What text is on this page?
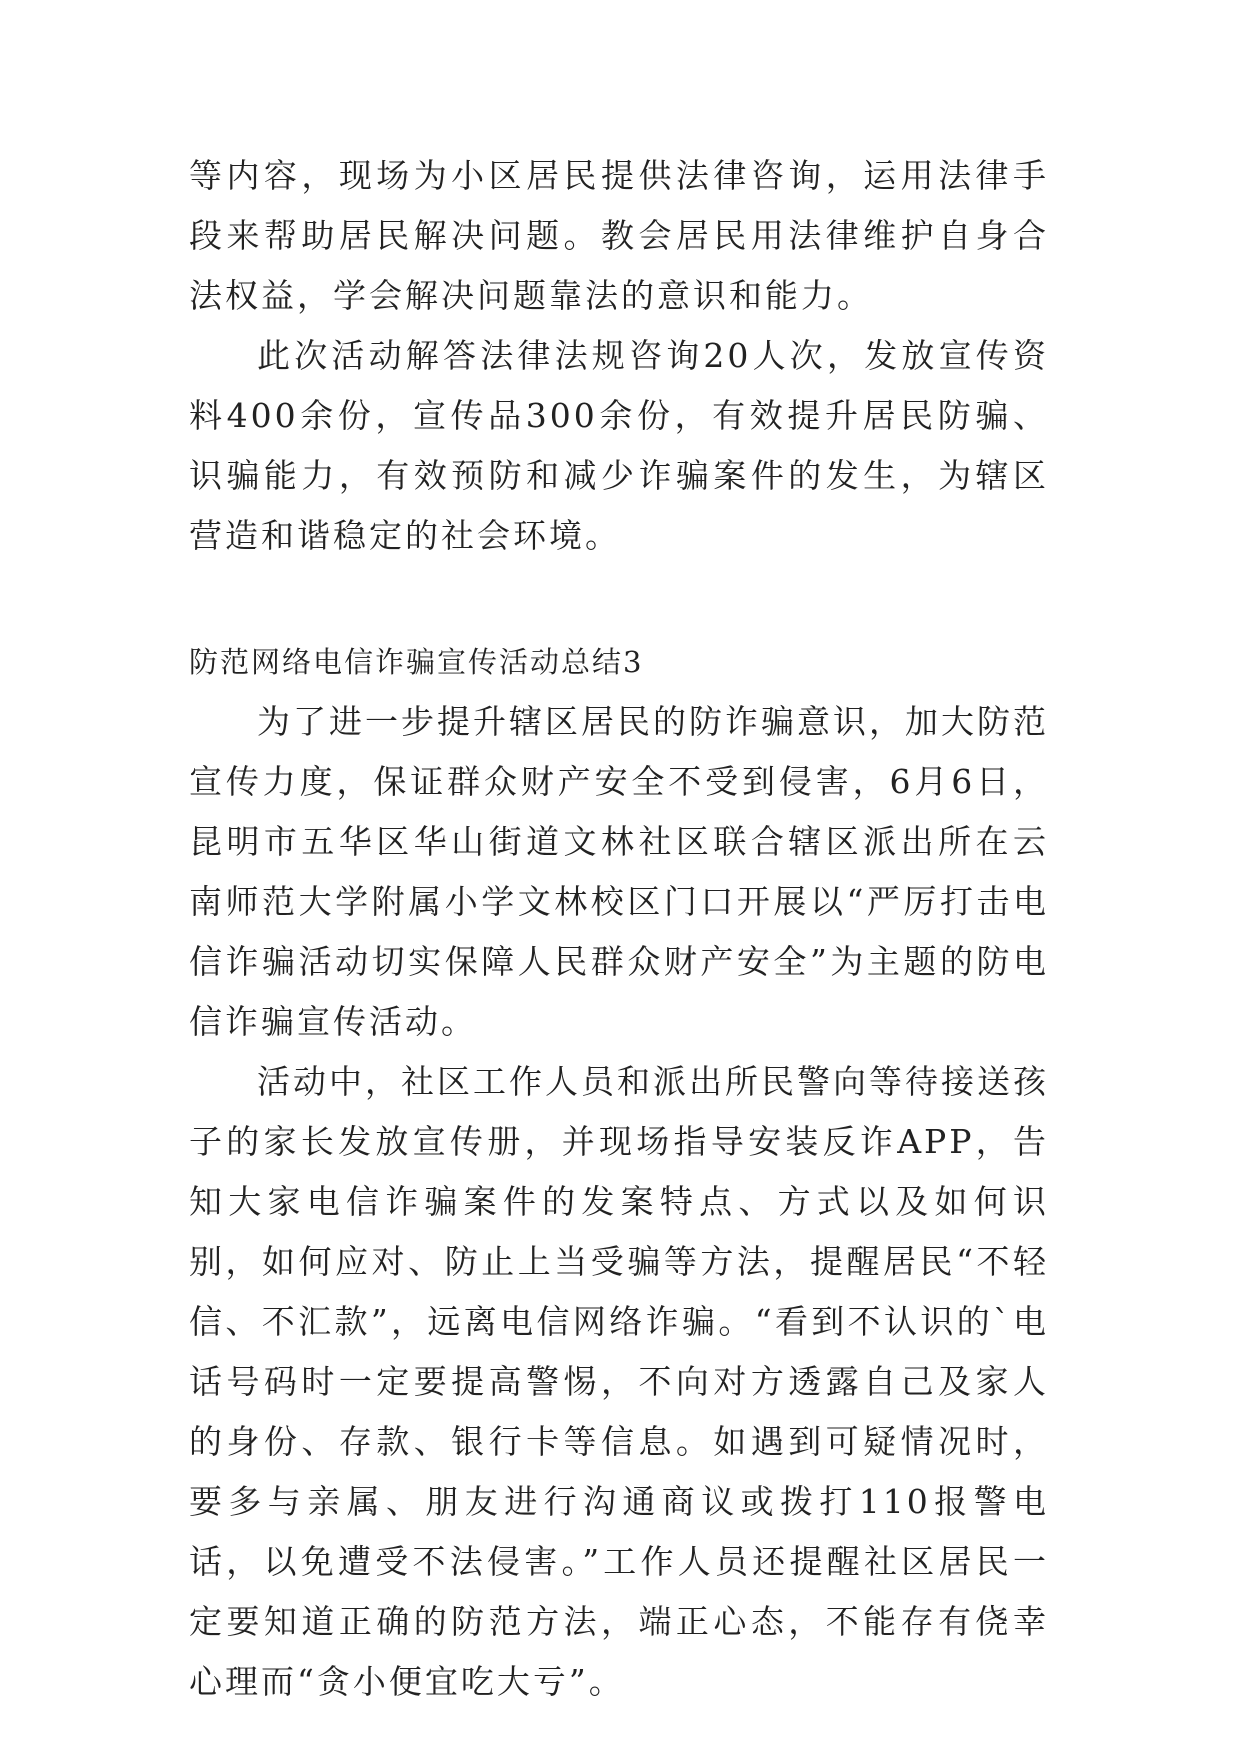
等内容，现场为小区居民提供法律咨询，运用法律手段来帮助居民解决问题。教会居民用法律维护自身合法权益，学会解决问题靠法的意识和能力。

此次活动解答法律法规咨询20人次，发放宣传资料400余份，宣传品300余份，有效提升居民防骗、识骗能力，有效预防和减少诈骗案件的发生，为辖区营造和谐稳定的社会环境。

防范网络电信诈骗宣传活动总结3

为了进一步提升辖区居民的防诈骗意识，加大防范宣传力度，保证群众财产安全不受到侵害，6月6日，昆明市五华区华山街道文林社区联合辖区派出所在云南师范大学附属小学文林校区门口开展以“严厉打击电信诈骗活动切实保障人民群众财产安全”为主题的防电信诈骗宣传活动。

活动中，社区工作人员和派出所民警向等待接送孩子的家长发放宣传册，并现场指导安装反诈APP，告知大家电信诈骗案件的发案特点、方式以及如何识别，如何应对、防止上当受骗等方法，提醒居民“不轻信、不汇款”，远离电信网络诈骗。“看到不认识的`电话号码时一定要提高警惕，不向对方透露自己及家人的身份、存款、银行卡等信息。如遇到可疑情况时，要多与亲属、朋友进行沟通商议或拨打110报警电话，以免遭受不法侵害。”工作人员还提醒社区居民一定要知道正确的防范方法，端正心态，不能存有侥幸心理而“贪小便宜吃大亏”。
